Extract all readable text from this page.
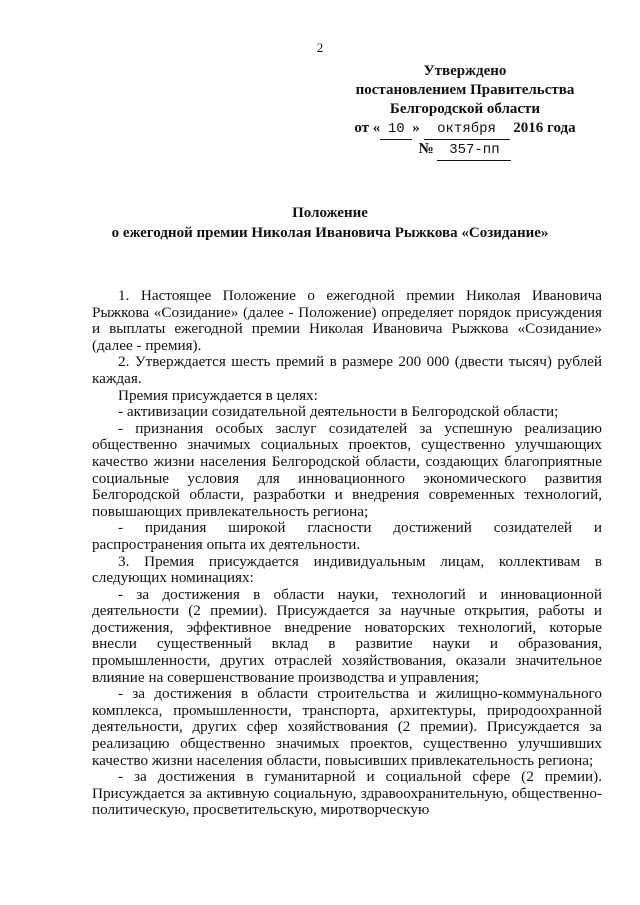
2
Утверждено
постановлением Правительства
Белгородской области
от « 10 » октября 2016 года
№ 357-пп
Положение
о ежегодной премии Николая Ивановича Рыжкова «Созидание»

1. Настоящее Положение о ежегодной премии Николая Ивановича Рыжкова «Созидание» (далее - Положение) определяет порядок присуждения и выплаты ежегодной премии Николая Ивановича Рыжкова «Созидание» (далее - премия).

2. Утверждается шесть премий в размере 200 000 (двести тысяч) рублей каждая.

Премия присуждается в целях:

- активизации созидательной деятельности в Белгородской области;

- признания особых заслуг созидателей за успешную реализацию общественно значимых социальных проектов, существенно улучшающих качество жизни населения Белгородской области, создающих благоприятные социальные условия для инновационного экономического развития Белгородской области, разработки и внедрения современных технологий, повышающих привлекательность региона;

- придания широкой гласности достижений созидателей и распространения опыта их деятельности.

3. Премия присуждается индивидуальным лицам, коллективам в следующих номинациях:

- за достижения в области науки, технологий и инновационной деятельности (2 премии). Присуждается за научные открытия, работы и достижения, эффективное внедрение новаторских технологий, которые внесли существенный вклад в развитие науки и образования, промышленности, других отраслей хозяйствования, оказали значительное влияние на совершенствование производства и управления;

- за достижения в области строительства и жилищно-коммунального комплекса, промышленности, транспорта, архитектуры, природоохранной деятельности, других сфер хозяйствования (2 премии). Присуждается за реализацию общественно значимых проектов, существенно улучшивших качество жизни населения области, повысивших привлекательность региона;

- за достижения в гуманитарной и социальной сфере (2 премии). Присуждается за активную социальную, здравоохранительную, общественно-политическую, просветительскую, миротворческую
